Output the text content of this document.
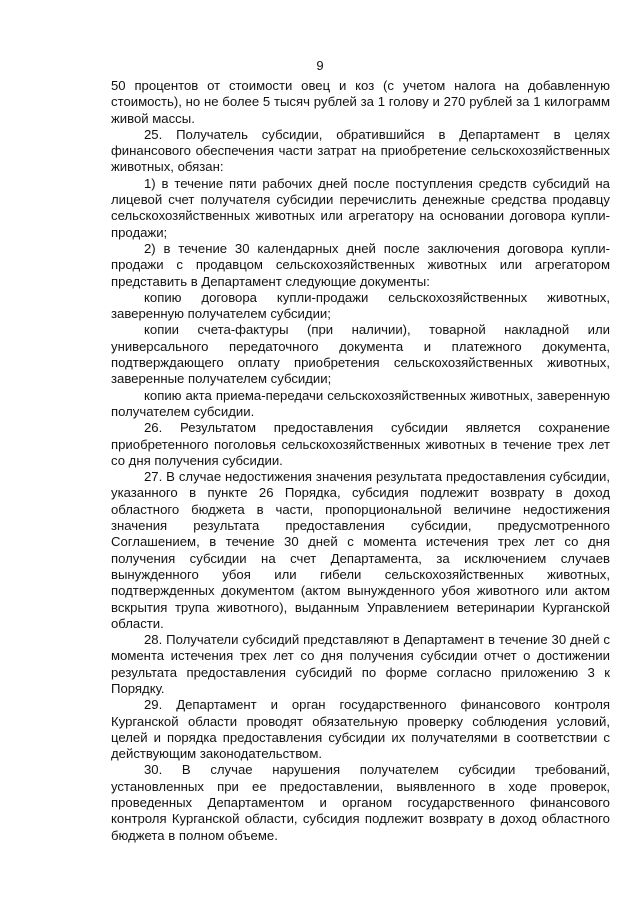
9

50 процентов от стоимости овец и коз (с учетом налога на добавленную стоимость), но не более 5 тысяч рублей за 1 голову и 270 рублей за 1 килограмм живой массы.

25. Получатель субсидии, обратившийся в Департамент в целях финансового обеспечения части затрат на приобретение сельскохозяйственных животных, обязан:

1) в течение пяти рабочих дней после поступления средств субсидий на лицевой счет получателя субсидии перечислить денежные средства продавцу сельскохозяйственных животных или агрегатору на основании договора купли-продажи;

2) в течение 30 календарных дней после заключения договора купли-продажи с продавцом сельскохозяйственных животных или агрегатором представить в Департамент следующие документы:

копию договора купли-продажи сельскохозяйственных животных, заверенную получателем субсидии;

копии счета-фактуры (при наличии), товарной накладной или универсального передаточного документа и платежного документа, подтверждающего оплату приобретения сельскохозяйственных животных, заверенные получателем субсидии;

копию акта приема-передачи сельскохозяйственных животных, заверенную получателем субсидии.

26. Результатом предоставления субсидии является сохранение приобретенного поголовья сельскохозяйственных животных в течение трех лет со дня получения субсидии.

27. В случае недостижения значения результата предоставления субсидии, указанного в пункте 26 Порядка, субсидия подлежит возврату в доход областного бюджета в части, пропорциональной величине недостижения значения результата предоставления субсидии, предусмотренного Соглашением, в течение 30 дней с момента истечения трех лет со дня получения субсидии на счет Департамента, за исключением случаев вынужденного убоя или гибели сельскохозяйственных животных, подтвержденных документом (актом вынужденного убоя животного или актом вскрытия трупа животного), выданным Управлением ветеринарии Курганской области.

28. Получатели субсидий представляют в Департамент в течение 30 дней с момента истечения трех лет со дня получения субсидии отчет о достижении результата предоставления субсидий по форме согласно приложению 3 к Порядку.

29. Департамент и орган государственного финансового контроля Курганской области проводят обязательную проверку соблюдения условий, целей и порядка предоставления субсидии их получателями в соответствии с действующим законодательством.

30. В случае нарушения получателем субсидии требований, установленных при ее предоставлении, выявленного в ходе проверок, проведенных Департаментом и органом государственного финансового контроля Курганской области, субсидия подлежит возврату в доход областного бюджета в полном объеме.
